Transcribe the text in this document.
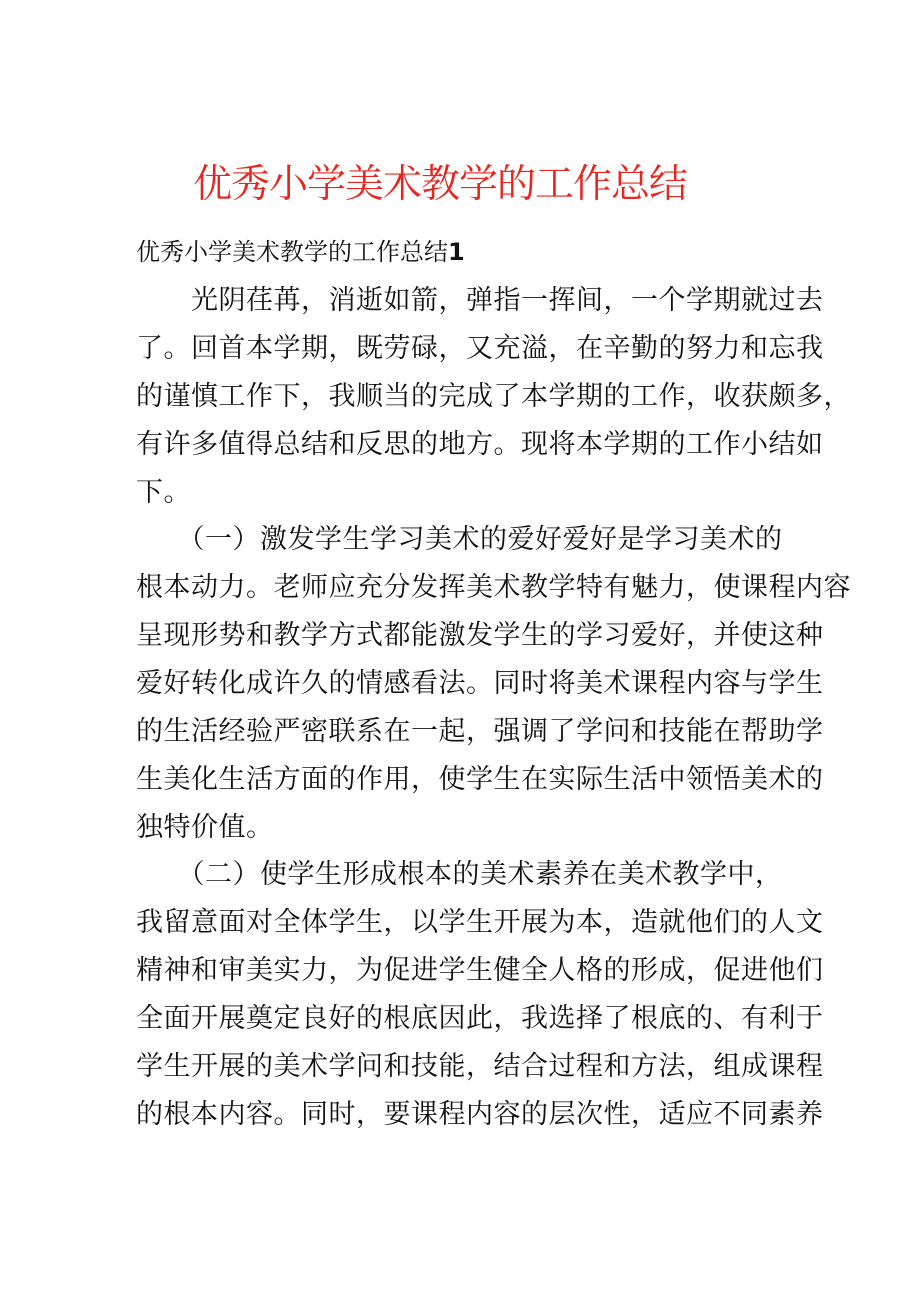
优秀小学美术教学的工作总结
优秀小学美术教学的工作总结1
　　光阴荏苒，消逝如箭，弹指一挥间，一个学期就过去
了。回首本学期，既劳碌，又充溢，在辛勤的努力和忘我
的谨慎工作下，我顺当的完成了本学期的工作，收获颇多，
有许多值得总结和反思的地方。现将本学期的工作小结如
下。
　　（一）激发学生学习美术的爱好爱好是学习美术的
根本动力。老师应充分发挥美术教学特有魅力，使课程内容
呈现形势和教学方式都能激发学生的学习爱好，并使这种
爱好转化成许久的情感看法。同时将美术课程内容与学生
的生活经验严密联系在一起，强调了学问和技能在帮助学
生美化生活方面的作用，使学生在实际生活中领悟美术的
独特价值。
　　（二）使学生形成根本的美术素养在美术教学中，
我留意面对全体学生，以学生开展为本，造就他们的人文
精神和审美实力，为促进学生健全人格的形成，促进他们
全面开展奠定良好的根底因此，我选择了根底的、有利于
学生开展的美术学问和技能，结合过程和方法，组成课程
的根本内容。同时，要课程内容的层次性，适应不同素养
